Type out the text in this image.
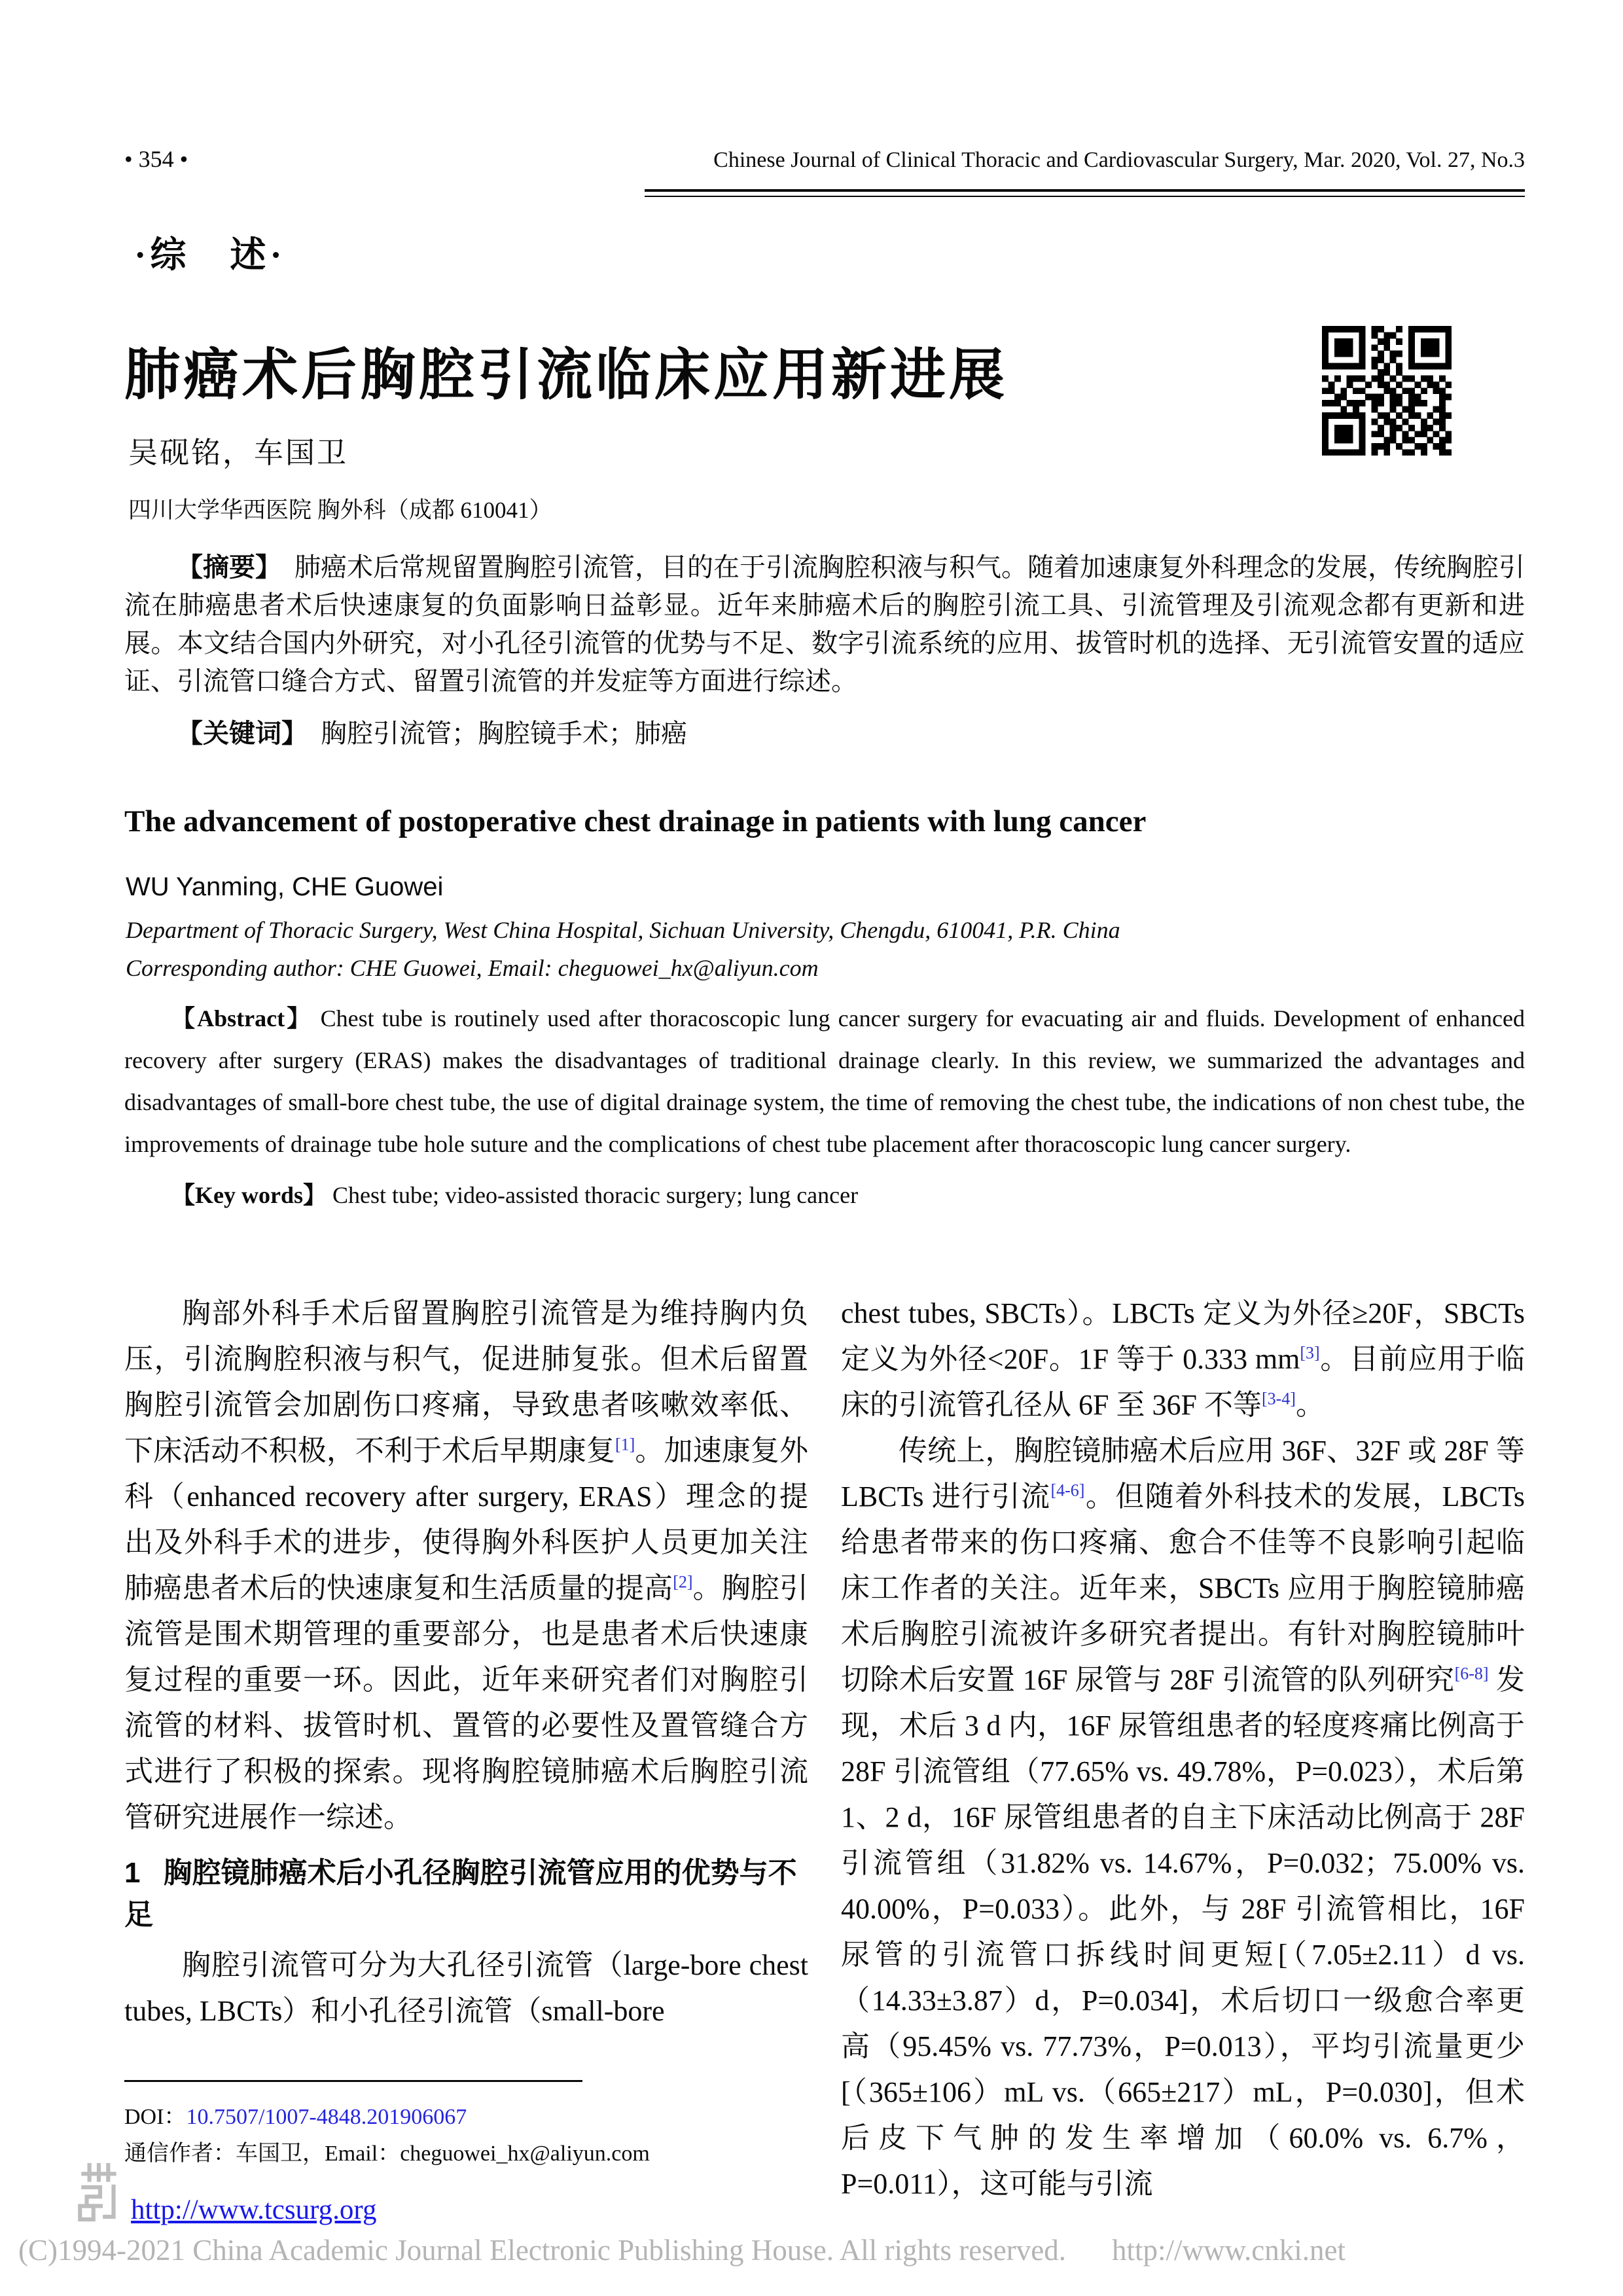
• 354 •	Chinese Journal of Clinical Thoracic and Cardiovascular Surgery, Mar. 2020, Vol. 27, No.3
·综　述·
肺癌术后胸腔引流临床应用新进展
吴砚铭，车国卫
四川大学华西医院 胸外科（成都 610041）

【摘要】　肺癌术后常规留置胸腔引流管，目的在于引流胸腔积液与积气。随着加速康复外科理念的发展，传统胸腔引流在肺癌患者术后快速康复的负面影响日益彰显。近年来肺癌术后的胸腔引流工具、引流管理及引流观念都有更新和进展。本文结合国内外研究，对小孔径引流管的优势与不足、数字引流系统的应用、拔管时机的选择、无引流管安置的适应证、引流管口缝合方式、留置引流管的并发症等方面进行综述。

【关键词】　胸腔引流管；胸腔镜手术；肺癌

The advancement of postoperative chest drainage in patients with lung cancer
WU Yanming, CHE Guowei
Department of Thoracic Surgery, West China Hospital, Sichuan University, Chengdu, 610041, P.R. China
Corresponding author: CHE Guowei, Email: cheguowei_hx@aliyun.com

【Abstract】 Chest tube is routinely used after thoracoscopic lung cancer surgery for evacuating air and fluids. Development of enhanced recovery after surgery (ERAS) makes the disadvantages of traditional drainage clearly. In this review, we summarized the advantages and disadvantages of small-bore chest tube, the use of digital drainage system, the time of removing the chest tube, the indications of non chest tube, the improvements of drainage tube hole suture and the complications of chest tube placement after thoracoscopic lung cancer surgery.

【Key words】 Chest tube; video-assisted thoracic surgery; lung cancer

胸部外科手术后留置胸腔引流管是为维持胸内负压，引流胸腔积液与积气，促进肺复张。但术后留置胸腔引流管会加剧伤口疼痛，导致患者咳嗽效率低、下床活动不积极，不利于术后早期康复[1]。加速康复外科（enhanced recovery after surgery, ERAS）理念的提出及外科手术的进步，使得胸外科医护人员更加关注肺癌患者术后的快速康复和生活质量的提高[2]。胸腔引流管是围术期管理的重要部分，也是患者术后快速康复过程的重要一环。因此，近年来研究者们对胸腔引流管的材料、拔管时机、置管的必要性及置管缝合方式进行了积极的探索。现将胸腔镜肺癌术后胸腔引流管研究进展作一综述。

1 胸腔镜肺癌术后小孔径胸腔引流管应用的优势与不足

胸腔引流管可分为大孔径引流管（large-bore chest tubes, LBCTs）和小孔径引流管（small-bore

chest tubes, SBCTs）。LBCTs 定义为外径≥20F，SBCTs 定义为外径<20F。1F 等于 0.333 mm[3]。目前应用于临床的引流管孔径从 6F 至 36F 不等[3-4]。

传统上，胸腔镜肺癌术后应用 36F、32F 或 28F 等 LBCTs 进行引流[4-6]。但随着外科技术的发展，LBCTs 给患者带来的伤口疼痛、愈合不佳等不良影响引起临床工作者的关注。近年来，SBCTs 应用于胸腔镜肺癌术后胸腔引流被许多研究者提出。有针对胸腔镜肺叶切除术后安置 16F 尿管与 28F 引流管的队列研究[6-8] 发现，术后 3 d 内，16F 尿管组患者的轻度疼痛比例高于 28F 引流管组（77.65% vs. 49.78%，P=0.023），术后第 1、2 d，16F 尿管组患者的自主下床活动比例高于 28F 引流管组（31.82% vs. 14.67%，P=0.032；75.00% vs. 40.00%，P=0.033）。此外，与 28F 引流管相比，16F 尿管的引流管口拆线时间更短[（7.05±2.11）d vs.（14.33±3.87）d，P=0.034]，术后切口一级愈合率更高（95.45% vs. 77.73%，P=0.013），平均引流量更少[（365±106）mL vs.（665±217）mL，P=0.030]，但术后皮下气肿的发生率增加（60.0% vs. 6.7%，P=0.011），这可能与引流

DOI：10.7507/1007-4848.201906067
通信作者：车国卫，Email：cheguowei_hx@aliyun.com
http://www.tcsurg.org
(C)1994-2021 China Academic Journal Electronic Publishing House. All rights reserved. http://www.cnki.net
